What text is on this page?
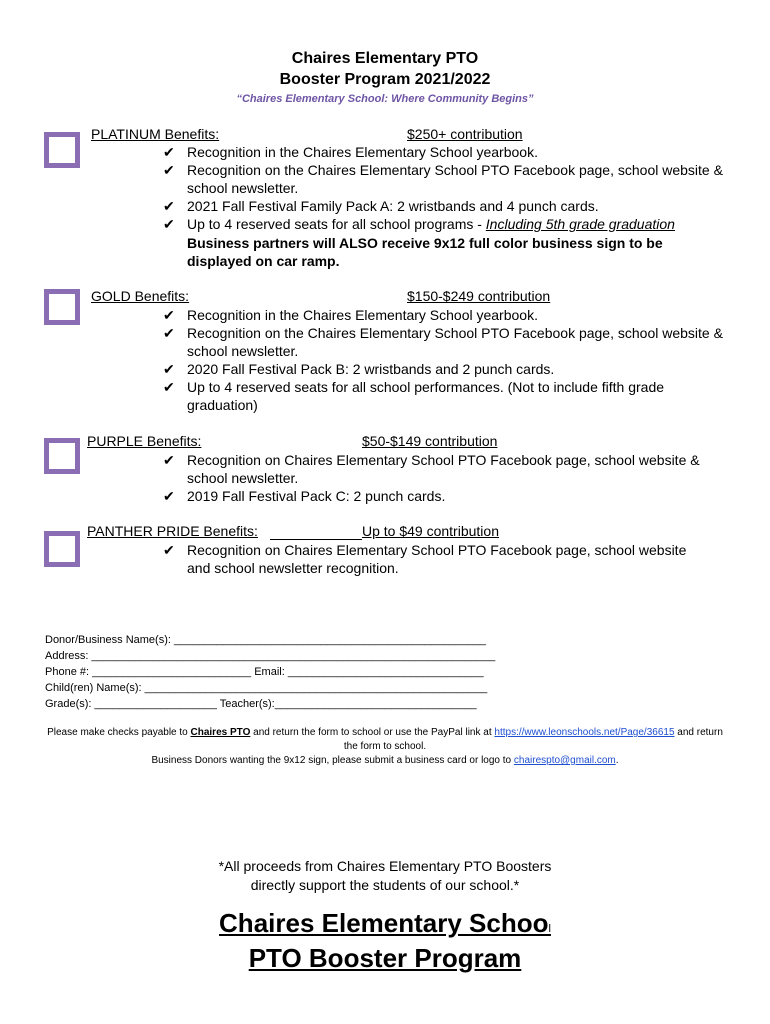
Chaires Elementary PTO
Booster Program 2021/2022
“Chaires Elementary School: Where Community Begins”
PLATINUM Benefits:	$250+ contribution
✔ Recognition in the Chaires Elementary School yearbook.
✔ Recognition on the Chaires Elementary School PTO Facebook page, school website & school newsletter.
✔ 2021 Fall Festival Family Pack A: 2 wristbands and 4 punch cards.
✔ Up to 4 reserved seats for all school programs - Including 5th grade graduation
Business partners will ALSO receive 9x12 full color business sign to be displayed on car ramp.
GOLD Benefits:	$150-$249 contribution
✔ Recognition in the Chaires Elementary School yearbook.
✔ Recognition on the Chaires Elementary School PTO Facebook page, school website & school newsletter.
✔ 2020 Fall Festival Pack B: 2 wristbands and 2 punch cards.
✔ Up to 4 reserved seats for all school performances. (Not to include fifth grade graduation)
PURPLE Benefits:	$50-$149 contribution
✔ Recognition on Chaires Elementary School PTO Facebook page, school website & school newsletter.
✔ 2019 Fall Festival Pack C: 2 punch cards.
PANTHER PRIDE Benefits:	Up to $49 contribution
✔ Recognition on Chaires Elementary School PTO Facebook page, school website and school newsletter recognition.
Donor/Business Name(s): ___________________________________________________
Address: __________________________________________________________________
Phone #: __________________________ Email: ________________________________
Child(ren) Name(s): ________________________________________________________
Grade(s): ____________________ Teacher(s):_________________________________
Please make checks payable to Chaires PTO and return the form to school or use the PayPal link at https://www.leonschools.net/Page/36615 and return the form to school.
Business Donors wanting the 9x12 sign, please submit a business card or logo to chairespto@gmail.com.
*All proceeds from Chaires Elementary PTO Boosters
directly support the students of our school.*
Chaires Elementary School
PTO Booster Program
